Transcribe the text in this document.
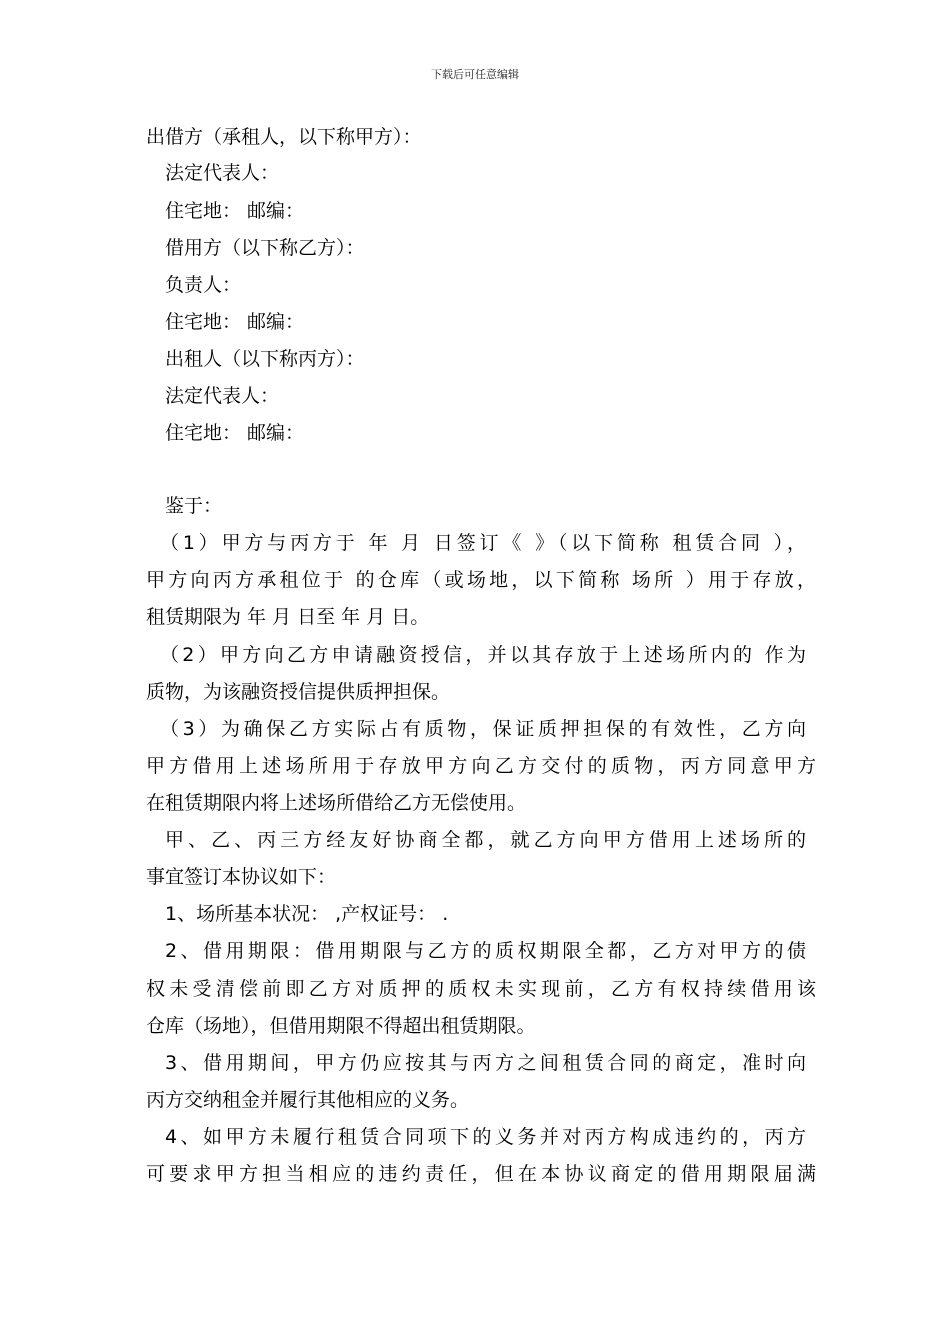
下载后可任意编辑
出借方（承租人，以下称甲方）：
法定代表人：
住宅地： 邮编：
借用方（以下称乙方）：
负责人：
住宅地： 邮编：
出租人（以下称丙方）：
法定代表人：
住宅地： 邮编：
鉴于：
（1）甲方与丙方于 年 月 日签订《 》（以下简称 租赁合同 ），
甲方向丙方承租位于 的仓库（或场地，以下简称 场所 ）用于存放，
租赁期限为 年 月 日至 年 月 日。
（2）甲方向乙方申请融资授信，并以其存放于上述场所内的 作为
质物，为该融资授信提供质押担保。
（3）为确保乙方实际占有质物，保证质押担保的有效性，乙方向
甲方借用上述场所用于存放甲方向乙方交付的质物，丙方同意甲方
在租赁期限内将上述场所借给乙方无偿使用。
甲、乙、丙三方经友好协商全都，就乙方向甲方借用上述场所的
事宜签订本协议如下：
1、场所基本状况： ,产权证号： .
2、借用期限：借用期限与乙方的质权期限全都，乙方对甲方的债
权未受清偿前即乙方对质押的质权未实现前，乙方有权持续借用该
仓库（场地），但借用期限不得超出租赁期限。
3、借用期间，甲方仍应按其与丙方之间租赁合同的商定，准时向
丙方交纳租金并履行其他相应的义务。
4、如甲方未履行租赁合同项下的义务并对丙方构成违约的，丙方
可要求甲方担当相应的违约责任，但在本协议商定的借用期限届满
